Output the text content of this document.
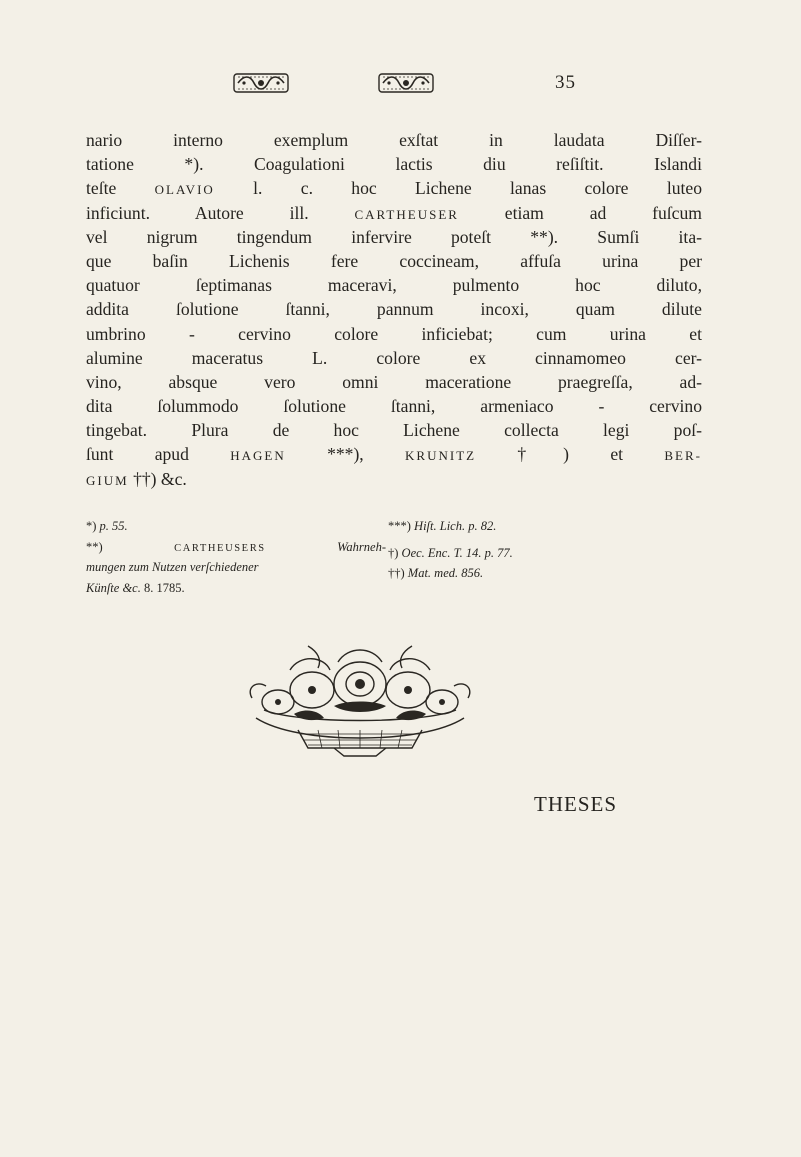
35
nario interno exemplum exſtat in laudata Diſſer-
tatione *). Coagulationi lactis diu reſiſtit. Islandi
teſte	OLAVIO l. c. hoc Lichene lanas colore luteo
inficiunt. Autore ill.	CARTHEUSER	etiam ad fuſcum
vel nigrum tingendum infervire poteſt **). Sumſi ita-
que baſin Lichenis fere coccineam, affuſa urina per
quatuor ſeptimanas maceravi, pulmento hoc diluto,
addita ſolutione ſtanni, pannum incoxi, quam dilute
umbrino - cervino colore inficiebat; cum urina et
alumine maceratus L. colore ex cinnamomeo cer-
vino, absque vero omni maceratione praegreſſa, ad-
dita ſolummodo ſolutione ſtanni, armeniaco - cervino
tingebat. Plura de hoc Lichene collecta legi poſ-
ſunt apud	HAGEN ***),	KRUNITZ †) et	BER-
GIUM ††) &c.
*) p. 55.
**)	CARTHEUSERS	Wahrneh-
mungen zum Nutzen verſchiedener
Künſte &c. 8. 1785.
***) Hiſt. Lich. p. 82.
†) Oec. Enc. T. 14. p. 77.
††) Mat. med. 856.
THESES
